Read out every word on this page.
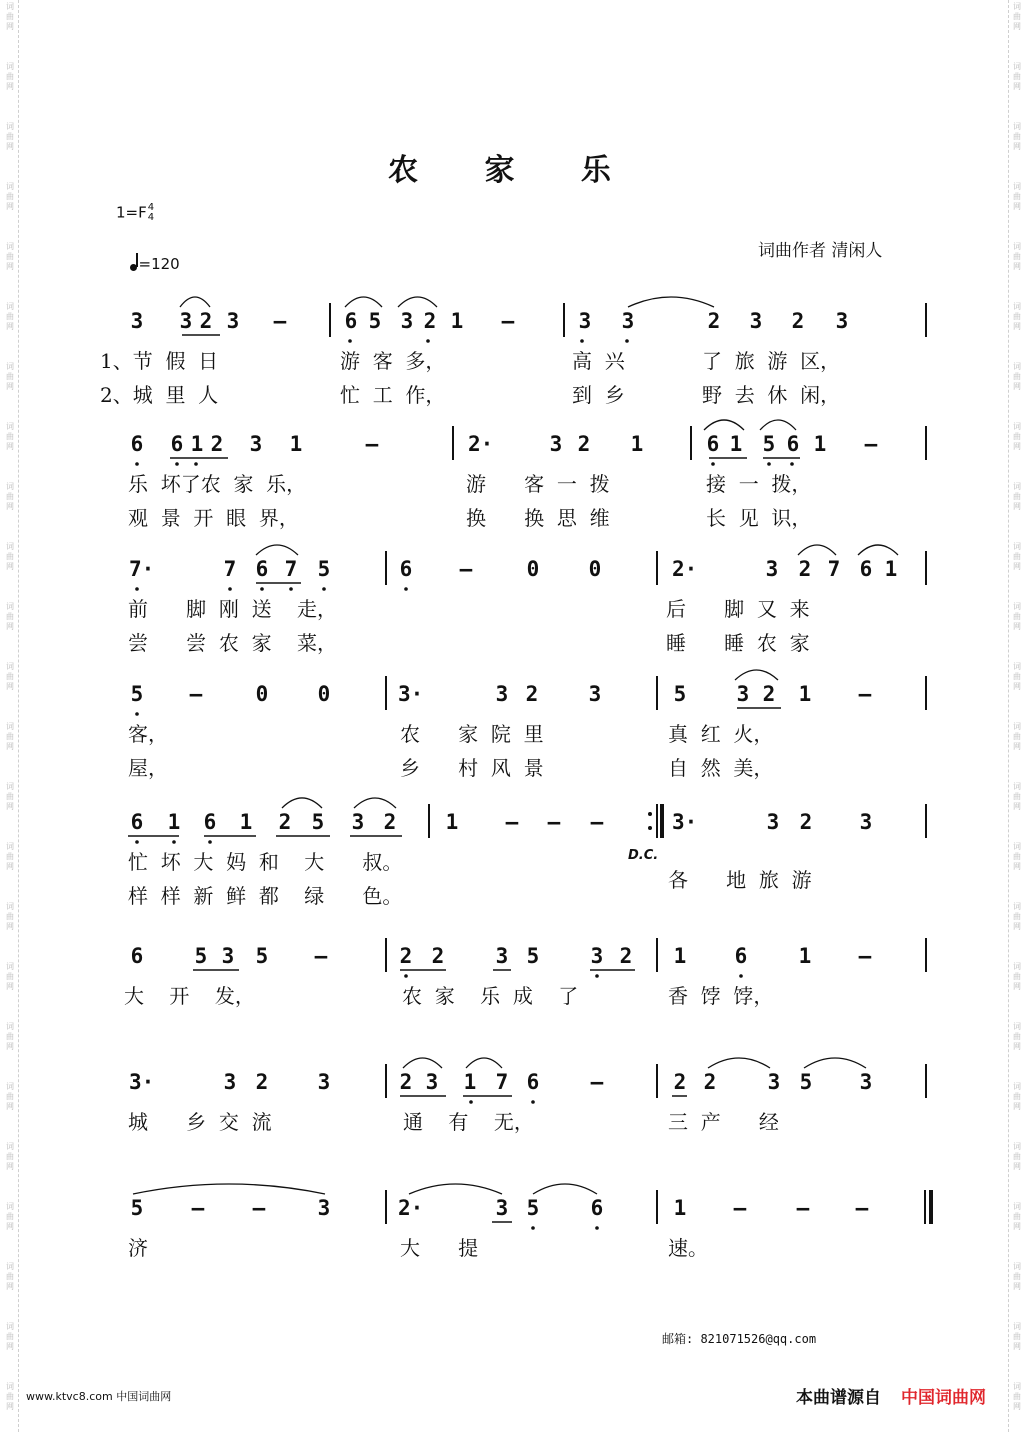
词
曲
网
词
曲
网
词
曲
网
词
曲
网
词
曲
网
词
曲
网
词
曲
网
词
曲
网
词
曲
网
词
曲
网
词
曲
网
词
曲
网
词
曲
网
词
曲
网
词
曲
网
词
曲
网
词
曲
网
词
曲
网
词
曲
网
词
曲
网
词
曲
网
词
曲
网
词
曲
网
词
曲
网
词
曲
网
词
曲
网
词
曲
网
词
曲
网
词
曲
网
词
曲
网
词
曲
网
词
曲
网
词
曲
网
词
曲
网
词
曲
网
词
曲
网
词
曲
网
词
曲
网
词
曲
网
词
曲
网
词
曲
网
词
曲
网
词
曲
网
词
曲
网
词
曲
网
词
曲
网
词
曲
网
词
曲
网
农 家 乐
1=F4
4
=120
词曲作者 清闲人
3 3 2 3 –	6 5 3 2 1 –	3 3	2 3 2 3
1、节  假  日	游  客  多，	高  兴	了  旅  游  区，
2、城  里  人	忙  工  作，	到  乡	野  去  休  闲，
6 6 1 2 3 1	–	2·	3 2 1	6 1 5 6 1 –
乐  坏了农  家  乐，	游      客  一  拨	接  一  拨，
观  景  开  眼  界，	换      换  思  维	长  见  识，
7·	7 6 7 5	6 –	0 0	2·	3 2 7 6 1
前      脚  刚  送    走，	后      脚  又  来
尝      尝  农  家    菜，	睡      睡  农  家
5 –	0 0	3·	3 2 3	5 3 2 1 –
客，	农      家  院  里	真  红  火，
屋，	乡      村  风  景	自  然  美，
6 1 6 1 2 5 3 2 1 – – –	3·	3 2 3
忙  坏  大  妈  和    大      叔。
样  样  新  鲜  都    绿      色。
各      地  旅  游
6 5 3 5 –	2 2 3 5 3 2 1 6 1 –
大    开    发，	农  家    乐  成    了	香  饽  饽，
3·	3 2 3	2 3 1 7 6 –	2 2 3 5 3
城      乡  交  流	通    有    无，	三  产      经
5 – – 3	2·	3 5 6	1 – – –
济	大      提	速。
D.C.
邮箱: 821071526@qq.com
www.ktvc8.com 中国词曲网	本曲谱源自 中国词曲网
